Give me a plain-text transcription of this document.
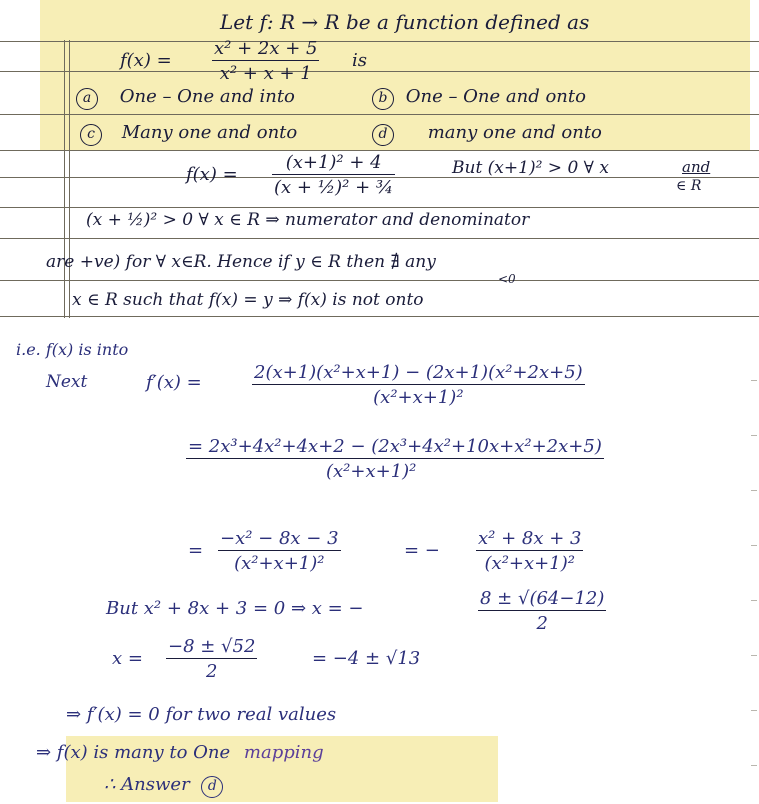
Let f: R → R be a function defined as
$f(x) = \frac{\text{x² + 2x + 5}}{\text{x² + x + 1}}$ is
a One – One and into	b One – One and onto
c Many one and onto	d many one and onto
$f(x) = \frac{\text{(x+1)² + 4}}{\text{(x + ½)² + ¾}}$	But (x+1)² > 0 ∀ x	and
∈ R
(x + ½)² > 0 ∀ x ∈ R ⇒ numerator and denominator
are +ve) for ∀ x∈R. Hence if y ∈ R then ∄ any
<0
x ∈ R such that f(x) = y ⇒ f(x) is not onto
i.e. f(x) is into
Next	f′(x) =	$\frac{\text{2(x+1)(x²+x+1) − (2x+1)(x²+2x+5)}}{\text{(x²+x+1)²}}$
$\frac{\text{= 2x³+4x²+4x+2 − (2x³+4x²+10x+x²+2x+5)}}{\text{(x²+x+1)²}}$
= $\frac{\text{−x² − 8x − 3}}{\text{(x²+x+1)²}}$	= − $\frac{\text{x² + 8x + 3}}{\text{(x²+x+1)²}}$
But x² + 8x + 3 = 0 ⇒ x = −	$\frac{8 \pm √(64-12)}{2}$
$x = \frac{-8 \pm √52}{2}$	= −4 ± √13
⇒ f′(x) = 0 for two real values
⇒ f(x) is many to One mapping
∴ Answer d
